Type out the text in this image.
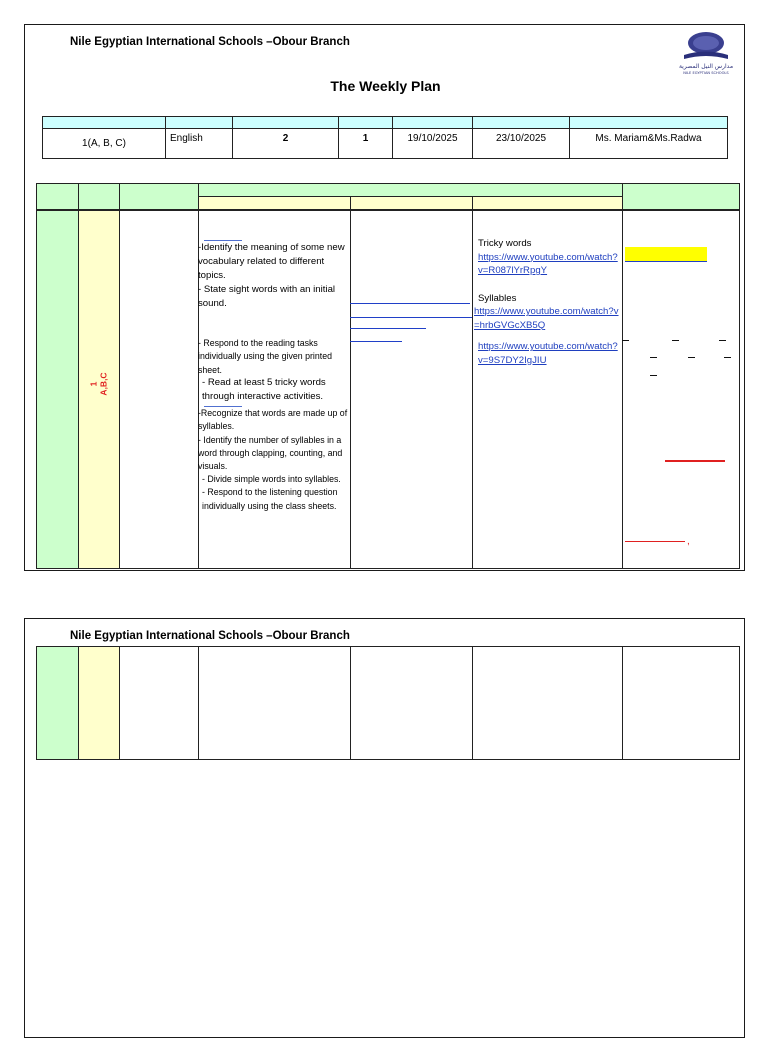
Nile Egyptian International Schools –Obour Branch
مدارس النيل المصرية
NILE EGYPTIAN SCHOOLS
The Weekly Plan
1(A, B, C)	English	2	1	19/10/2025	23/10/2025	Ms. Mariam&Ms.Radwa
1 A,B,C
-Identify the meaning of some new vocabulary related to different topics.
- State sight words with an initial sound.
- Respond to the reading tasks individually using the given printed sheet.
- Read at least 5 tricky words through interactive activities.
-Recognize that words are made up of syllables.
- Identify the number of syllables in a word through clapping, counting, and visuals.
- Divide simple words into syllables.
- Respond to the listening question individually using the class sheets.
Tricky words
https://www.youtube.com/watch?v=R087lYrRpgY
Syllables
https://www.youtube.com/watch?v=hrbGVGcXB5Q
https://www.youtube.com/watch?v=9S7DY2IgJIU
,
Nile Egyptian International Schools –Obour Branch
